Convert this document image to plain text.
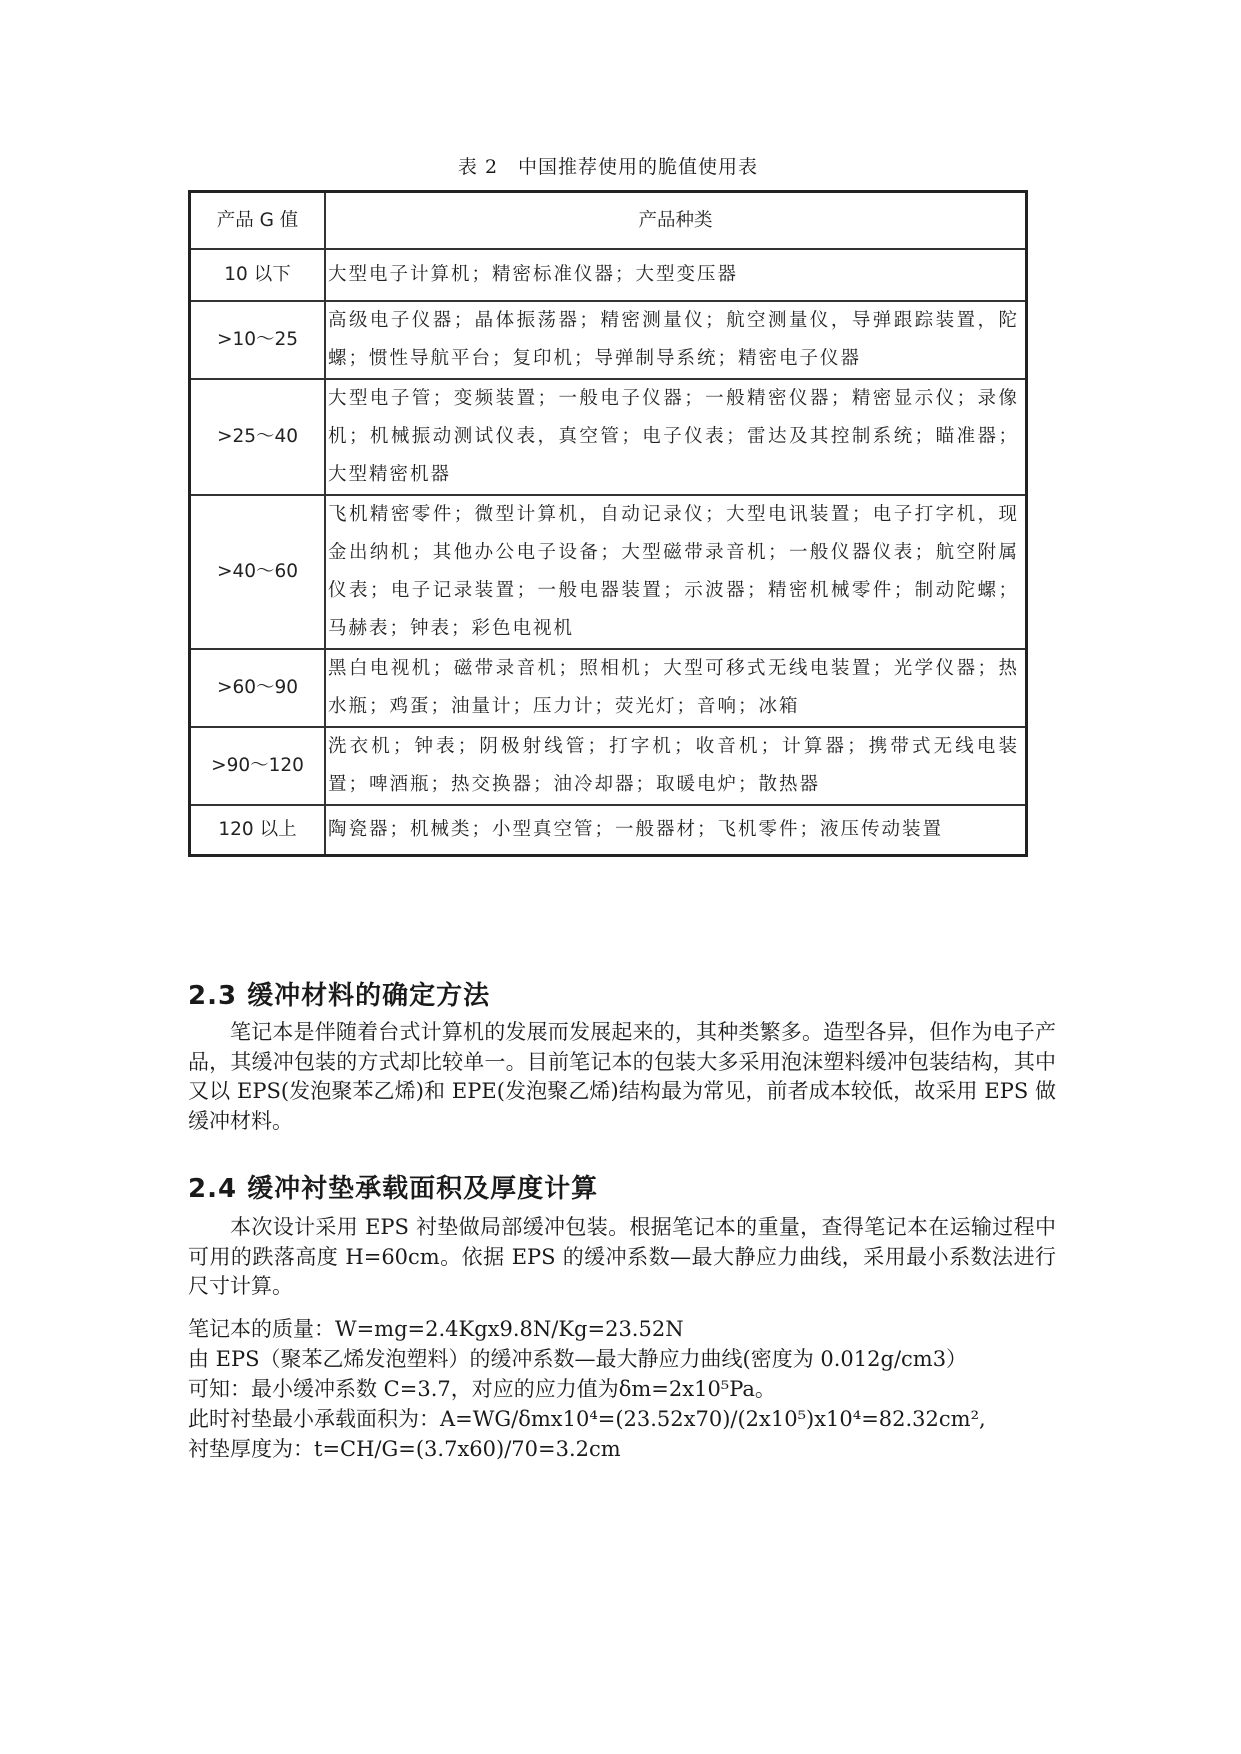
表 2　中国推荐使用的脆值使用表
产品 G 值	产品种类
10 以下	大型电子计算机；精密标准仪器；大型变压器
>10～25	高级电子仪器；晶体振荡器；精密测量仪；航空测量仪，导弹跟踪装置，陀螺；惯性导航平台；复印机；导弹制导系统；精密电子仪器
>25～40	大型电子管；变频装置；一般电子仪器；一般精密仪器；精密显示仪；录像机；机械振动测试仪表，真空管；电子仪表；雷达及其控制系统；瞄准器；大型精密机器
>40～60	飞机精密零件；微型计算机，自动记录仪；大型电讯装置；电子打字机，现金出纳机；其他办公电子设备；大型磁带录音机；一般仪器仪表；航空附属仪表；电子记录装置；一般电器装置；示波器；精密机械零件；制动陀螺；马赫表；钟表；彩色电视机
>60～90	黑白电视机；磁带录音机；照相机；大型可移式无线电装置；光学仪器；热水瓶；鸡蛋；油量计；压力计；荧光灯；音响；冰箱
>90～120	洗衣机；钟表；阴极射线管；打字机；收音机；计算器；携带式无线电装置；啤酒瓶；热交换器；油冷却器；取暖电炉；散热器
120 以上	陶瓷器；机械类；小型真空管；一般器材；飞机零件；液压传动装置
2.3 缓冲材料的确定方法

笔记本是伴随着台式计算机的发展而发展起来的，其种类繁多。造型各异，但作为电子产品，其缓冲包装的方式却比较单一。目前笔记本的包装大多采用泡沫塑料缓冲包装结构，其中又以 EPS(发泡聚苯乙烯)和 EPE(发泡聚乙烯)结构最为常见，前者成本较低，故采用 EPS 做缓冲材料。

2.4 缓冲衬垫承载面积及厚度计算

本次设计采用 EPS 衬垫做局部缓冲包装。根据笔记本的重量，查得笔记本在运输过程中可用的跌落高度 H=60cm。依据 EPS 的缓冲系数—最大静应力曲线，采用最小系数法进行尺寸计算。

笔记本的质量：W=mg=2.4Kgx9.8N/Kg=23.52N
由 EPS（聚苯乙烯发泡塑料）的缓冲系数—最大静应力曲线(密度为 0.012g/cm3）
可知：最小缓冲系数 C=3.7，对应的应力值为δm=2x10⁵Pa。
此时衬垫最小承载面积为：A=WG/δmx10⁴=(23.52x70)/(2x10⁵)x10⁴=82.32cm²,
衬垫厚度为：t=CH/G=(3.7x60)/70=3.2cm
